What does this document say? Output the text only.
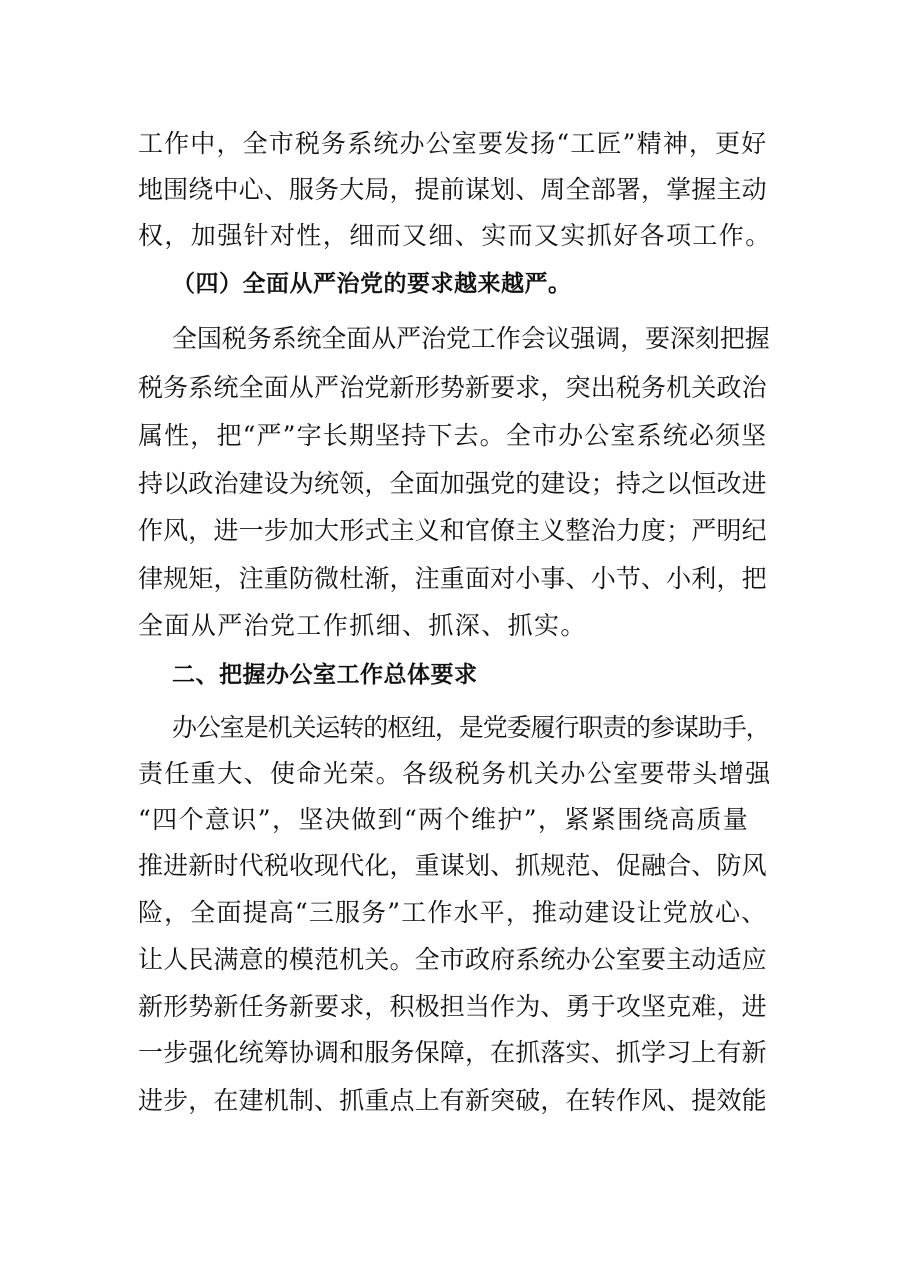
工作中，全市税务系统办公室要发扬“工匠”精神，更好
地围绕中心、服务大局，提前谋划、周全部署，掌握主动
权，加强针对性，细而又细、实而又实抓好各项工作。
（四）全面从严治党的要求越来越严。
全国税务系统全面从严治党工作会议强调，要深刻把握
税务系统全面从严治党新形势新要求，突出税务机关政治
属性，把“严”字长期坚持下去。全市办公室系统必须坚
持以政治建设为统领，全面加强党的建设；持之以恒改进
作风，进一步加大形式主义和官僚主义整治力度；严明纪
律规矩，注重防微杜渐，注重面对小事、小节、小利，把
全面从严治党工作抓细、抓深、抓实。
二、把握办公室工作总体要求
办公室是机关运转的枢纽，是党委履行职责的参谋助手，
责任重大、使命光荣。各级税务机关办公室要带头增强
“四个意识”，坚决做到“两个维护”，紧紧围绕高质量
推进新时代税收现代化，重谋划、抓规范、促融合、防风
险，全面提高“三服务”工作水平，推动建设让党放心、
让人民满意的模范机关。全市政府系统办公室要主动适应
新形势新任务新要求，积极担当作为、勇于攻坚克难，进
一步强化统筹协调和服务保障，在抓落实、抓学习上有新
进步，在建机制、抓重点上有新突破，在转作风、提效能
